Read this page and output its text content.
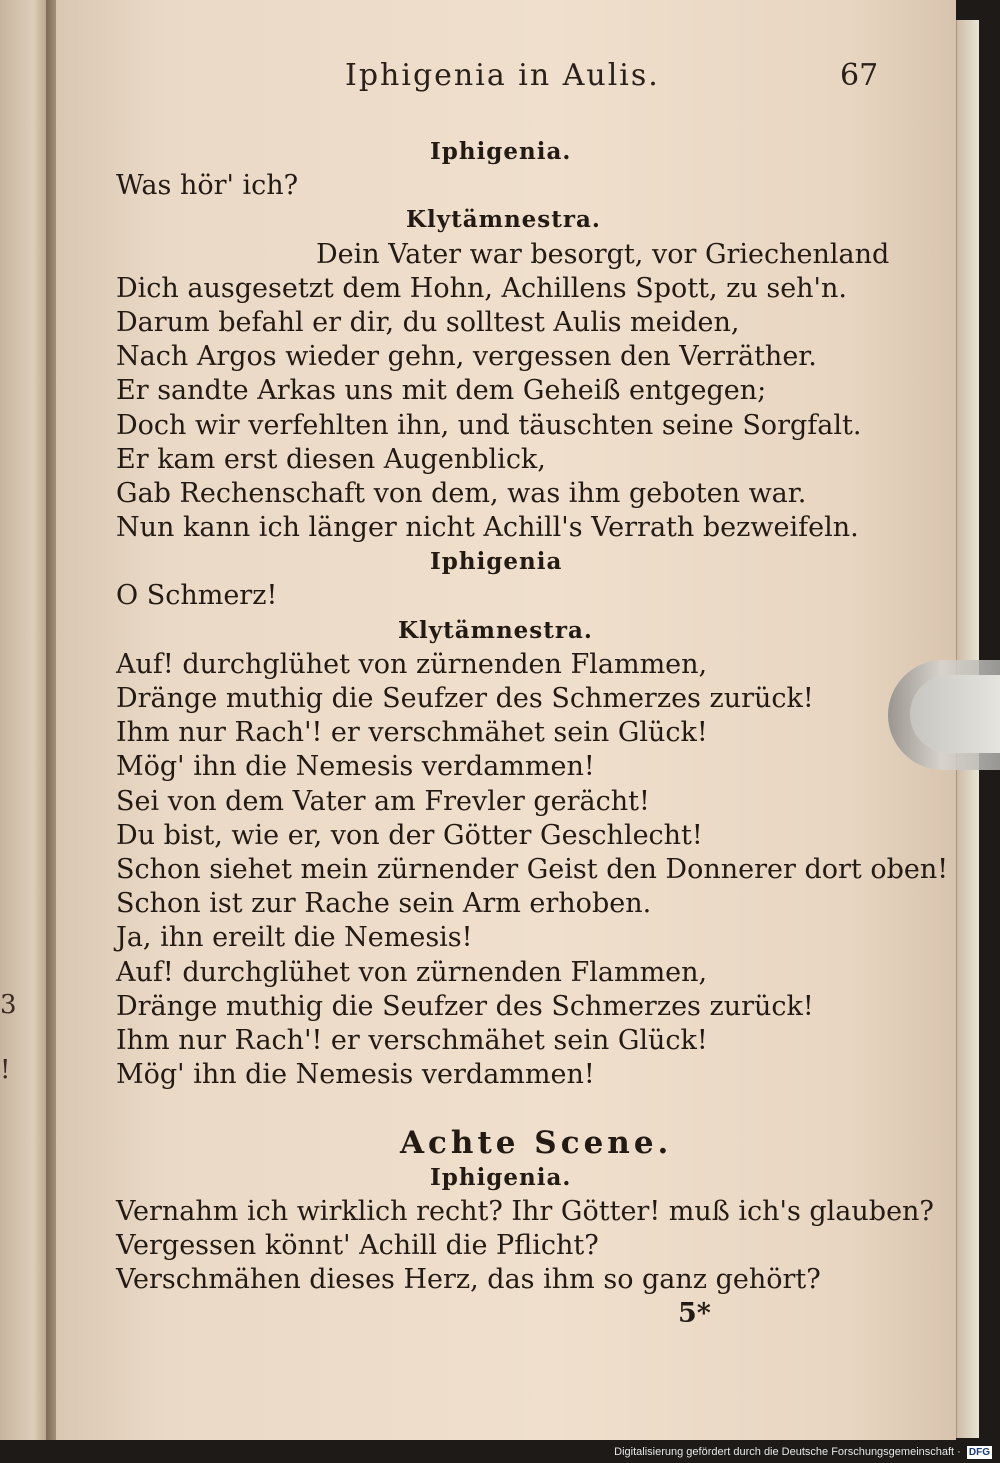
3
!
Iphigenia in Aulis.	67
Iphigenia.
Was hör' ich?
Klytämnestra.
Dein Vater war besorgt, vor Griechenland
Dich ausgesetzt dem Hohn, Achillens Spott, zu seh'n.
Darum befahl er dir, du solltest Aulis meiden,
Nach Argos wieder gehn, vergessen den Verräther.
Er sandte Arkas uns mit dem Geheiß entgegen;
Doch wir verfehlten ihn, und täuschten seine Sorgfalt.
Er kam erst diesen Augenblick,
Gab Rechenschaft von dem, was ihm geboten war.
Nun kann ich länger nicht Achill's Verrath bezweifeln.
Iphigenia
O Schmerz!
Klytämnestra.
Auf! durchglühet von zürnenden Flammen,
Dränge muthig die Seufzer des Schmerzes zurück!
Ihm nur Rach'! er verschmähet sein Glück!
Mög' ihn die Nemesis verdammen!
Sei von dem Vater am Frevler gerächt!
Du bist, wie er, von der Götter Geschlecht!
Schon siehet mein zürnender Geist den Donnerer dort oben!
Schon ist zur Rache sein Arm erhoben.
Ja, ihn ereilt die Nemesis!
Auf! durchglühet von zürnenden Flammen,
Dränge muthig die Seufzer des Schmerzes zurück!
Ihm nur Rach'! er verschmähet sein Glück!
Mög' ihn die Nemesis verdammen!
Achte Scene.
Iphigenia.
Vernahm ich wirklich recht? Ihr Götter! muß ich's glauben?
Vergessen könnt' Achill die Pflicht?
Verschmähen dieses Herz, das ihm so ganz gehört?
5*
Digitalisierung gefördert durch die Deutsche Forschungsgemeinschaft · DFG
